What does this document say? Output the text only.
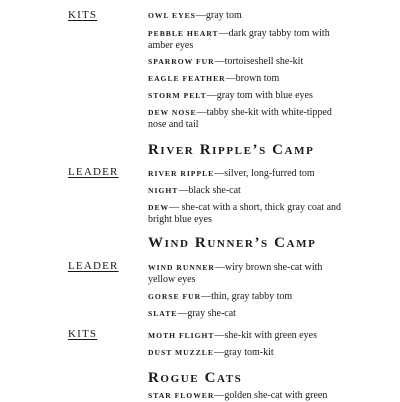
KITS	OWL EYES—gray tom
PEBBLE HEART—dark gray tabby tom with amber eyes
SPARROW FUR—tortoiseshell she-kit
EAGLE FEATHER—brown tom
STORM PELT—gray tom with blue eyes
DEW NOSE—tabby she-kit with white-tipped nose and tail
River Ripple’s Camp
LEADER	RIVER RIPPLE—silver, long-furred tom
NIGHT—black she-cat
DEW— she-cat with a short, thick gray coat and bright blue eyes
Wind Runner’s Camp
LEADER	WIND RUNNER—wiry brown she-cat with yellow eyes
GORSE FUR—thin, gray tabby tom
SLATE—gray she-cat
KITS	MOTH FLIGHT—she-kit with green eyes
DUST MUZZLE—gray tom-kit
Rogue Cats
STAR FLOWER—golden she-cat with green
